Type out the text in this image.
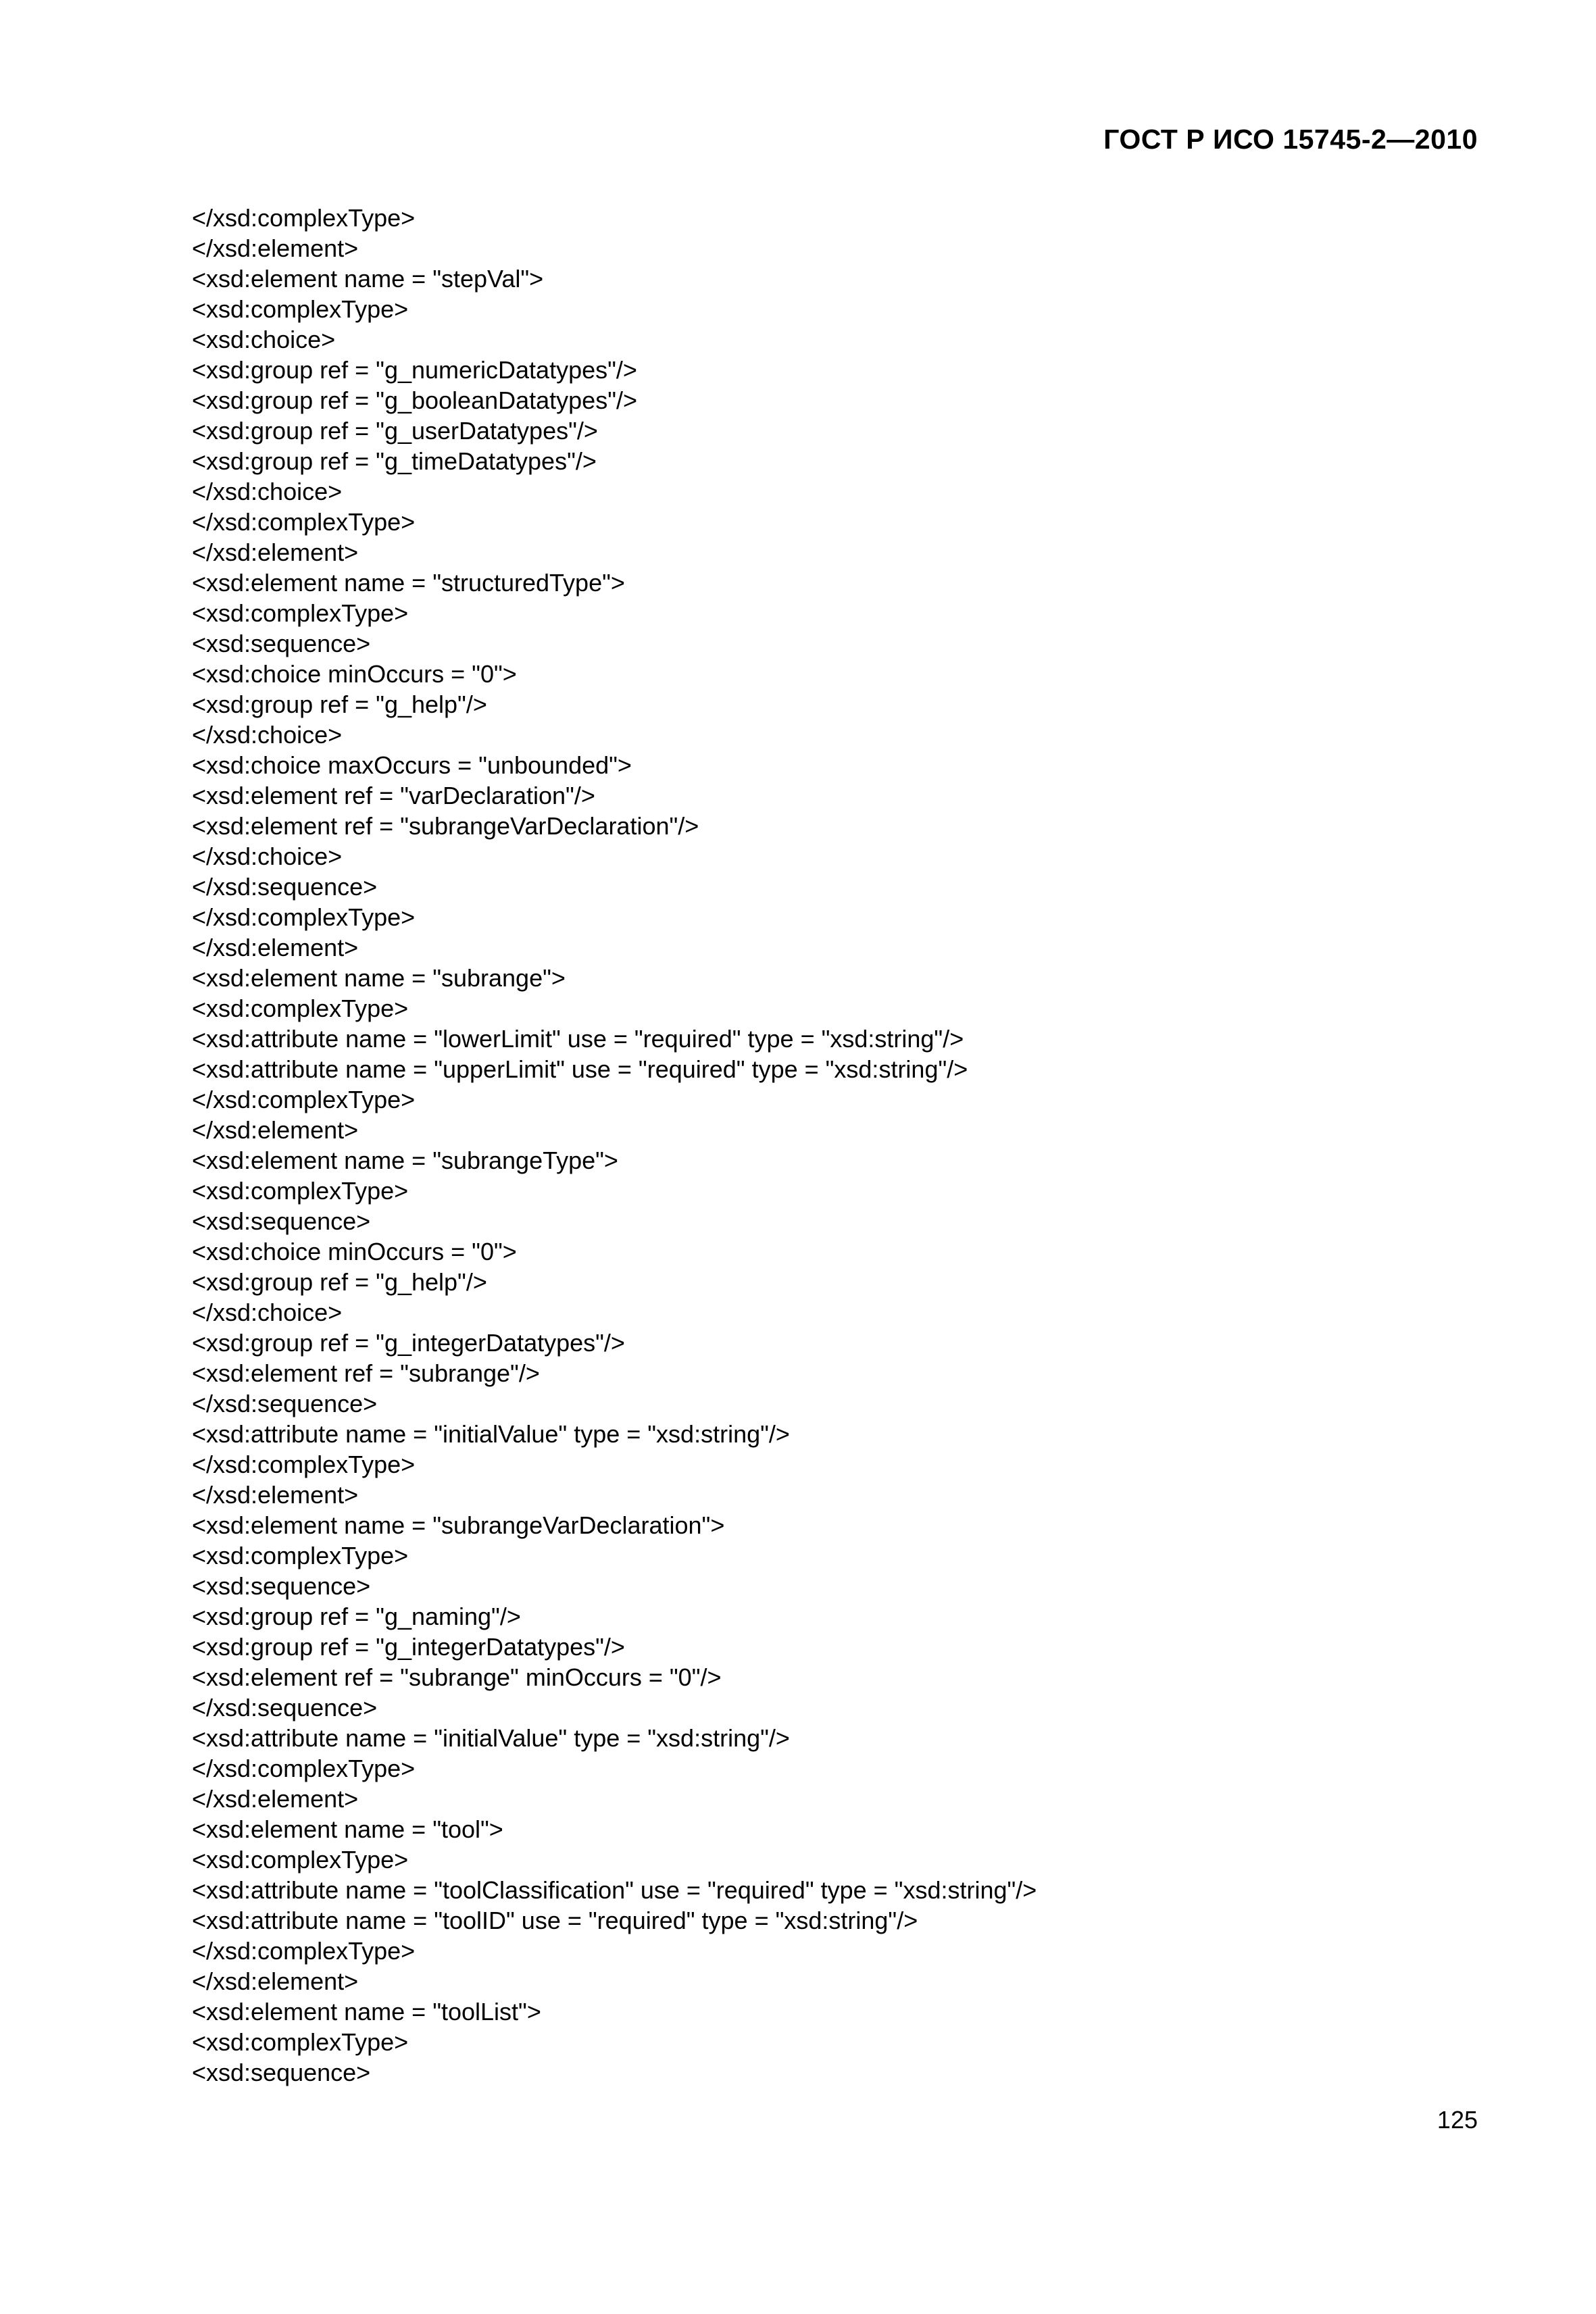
ГОСТ Р ИСО 15745-2—2010
</xsd:complexType>
</xsd:element>
<xsd:element name = "stepVal">
<xsd:complexType>
<xsd:choice>
<xsd:group ref = "g_numericDatatypes"/>
<xsd:group ref = "g_booleanDatatypes"/>
<xsd:group ref = "g_userDatatypes"/>
<xsd:group ref = "g_timeDatatypes"/>
</xsd:choice>
</xsd:complexType>
</xsd:element>
<xsd:element name = "structuredType">
<xsd:complexType>
<xsd:sequence>
<xsd:choice minOccurs = "0">
<xsd:group ref = "g_help"/>
</xsd:choice>
<xsd:choice maxOccurs = "unbounded">
<xsd:element ref = "varDeclaration"/>
<xsd:element ref = "subrangeVarDeclaration"/>
</xsd:choice>
</xsd:sequence>
</xsd:complexType>
</xsd:element>
<xsd:element name = "subrange">
<xsd:complexType>
<xsd:attribute name = "lowerLimit" use = "required" type = "xsd:string"/>
<xsd:attribute name = "upperLimit" use = "required" type = "xsd:string"/>
</xsd:complexType>
</xsd:element>
<xsd:element name = "subrangeType">
<xsd:complexType>
<xsd:sequence>
<xsd:choice minOccurs = "0">
<xsd:group ref = "g_help"/>
</xsd:choice>
<xsd:group ref = "g_integerDatatypes"/>
<xsd:element ref = "subrange"/>
</xsd:sequence>
<xsd:attribute name = "initialValue" type = "xsd:string"/>
</xsd:complexType>
</xsd:element>
<xsd:element name = "subrangeVarDeclaration">
<xsd:complexType>
<xsd:sequence>
<xsd:group ref = "g_naming"/>
<xsd:group ref = "g_integerDatatypes"/>
<xsd:element ref = "subrange" minOccurs = "0"/>
</xsd:sequence>
<xsd:attribute name = "initialValue" type = "xsd:string"/>
</xsd:complexType>
</xsd:element>
<xsd:element name = "tool">
<xsd:complexType>
<xsd:attribute name = "toolClassification" use = "required" type = "xsd:string"/>
<xsd:attribute name = "toolID" use = "required" type = "xsd:string"/>
</xsd:complexType>
</xsd:element>
<xsd:element name = "toolList">
<xsd:complexType>
<xsd:sequence>
125
